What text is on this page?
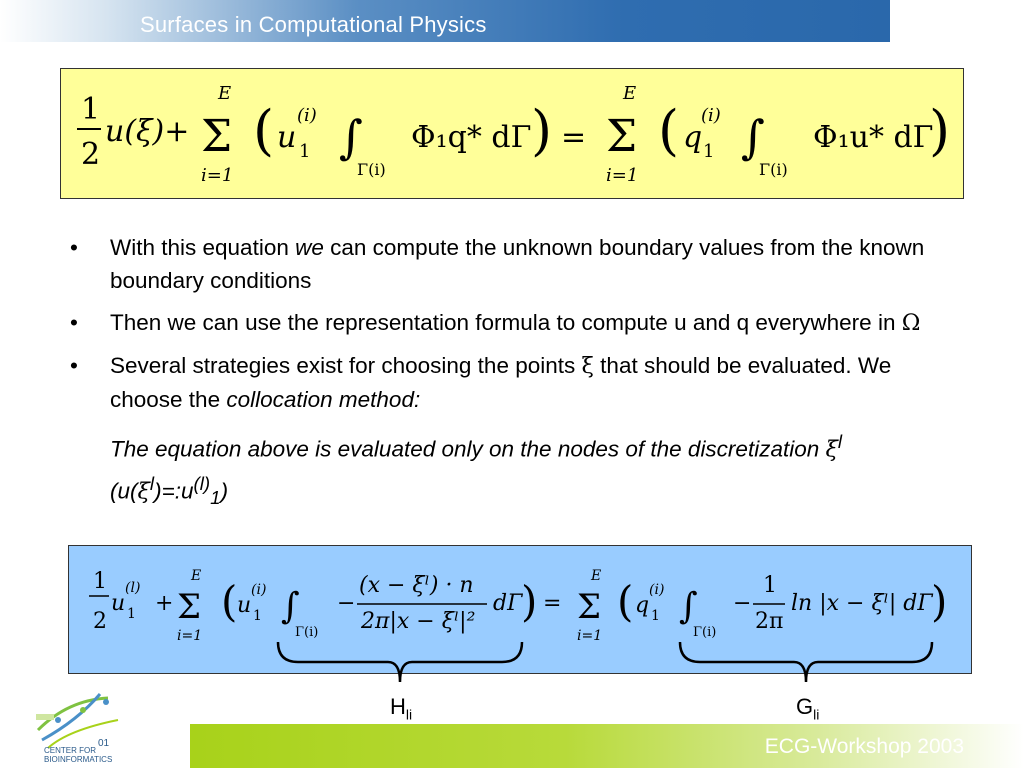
Surfaces in Computational Physics
1
2
u(ξ)+
E
Σ
i=1
( u
(i)
1 ∫
Γ(i)
Φ₁q* dΓ ) =
E
Σ
i=1
( q
(i)
1 ∫
Γ(i)
Φ₁u* dΓ
)
•	With this equation we can compute the unknown boundary values from the known boundary conditions
•	Then we can use the representation formula to compute u and q everywhere in Ω
•	Several strategies exist for choosing the points ξ that should be evaluated. We choose the collocation method:
The equation above is evaluated only on the nodes of the discretization $\xi^l$ $(u(\xi^l)=:u^{(l)}_1)$
1
2
u
(l)
1 +
E
Σ
i=1
( u
(i)
1 ∫
Γ(i)
−
(x − ξˡ) · n
2π|x − ξˡ|²
dΓ
) =
E
Σ
i=1
( q
(i)
1 ∫
Γ(i)
−
1
2π
ln |x − ξˡ| dΓ
)
$H_{li}$	$G_{li}$
ECG-Workshop 2003
01
CENTER FOR
BIOINFORMATICS
